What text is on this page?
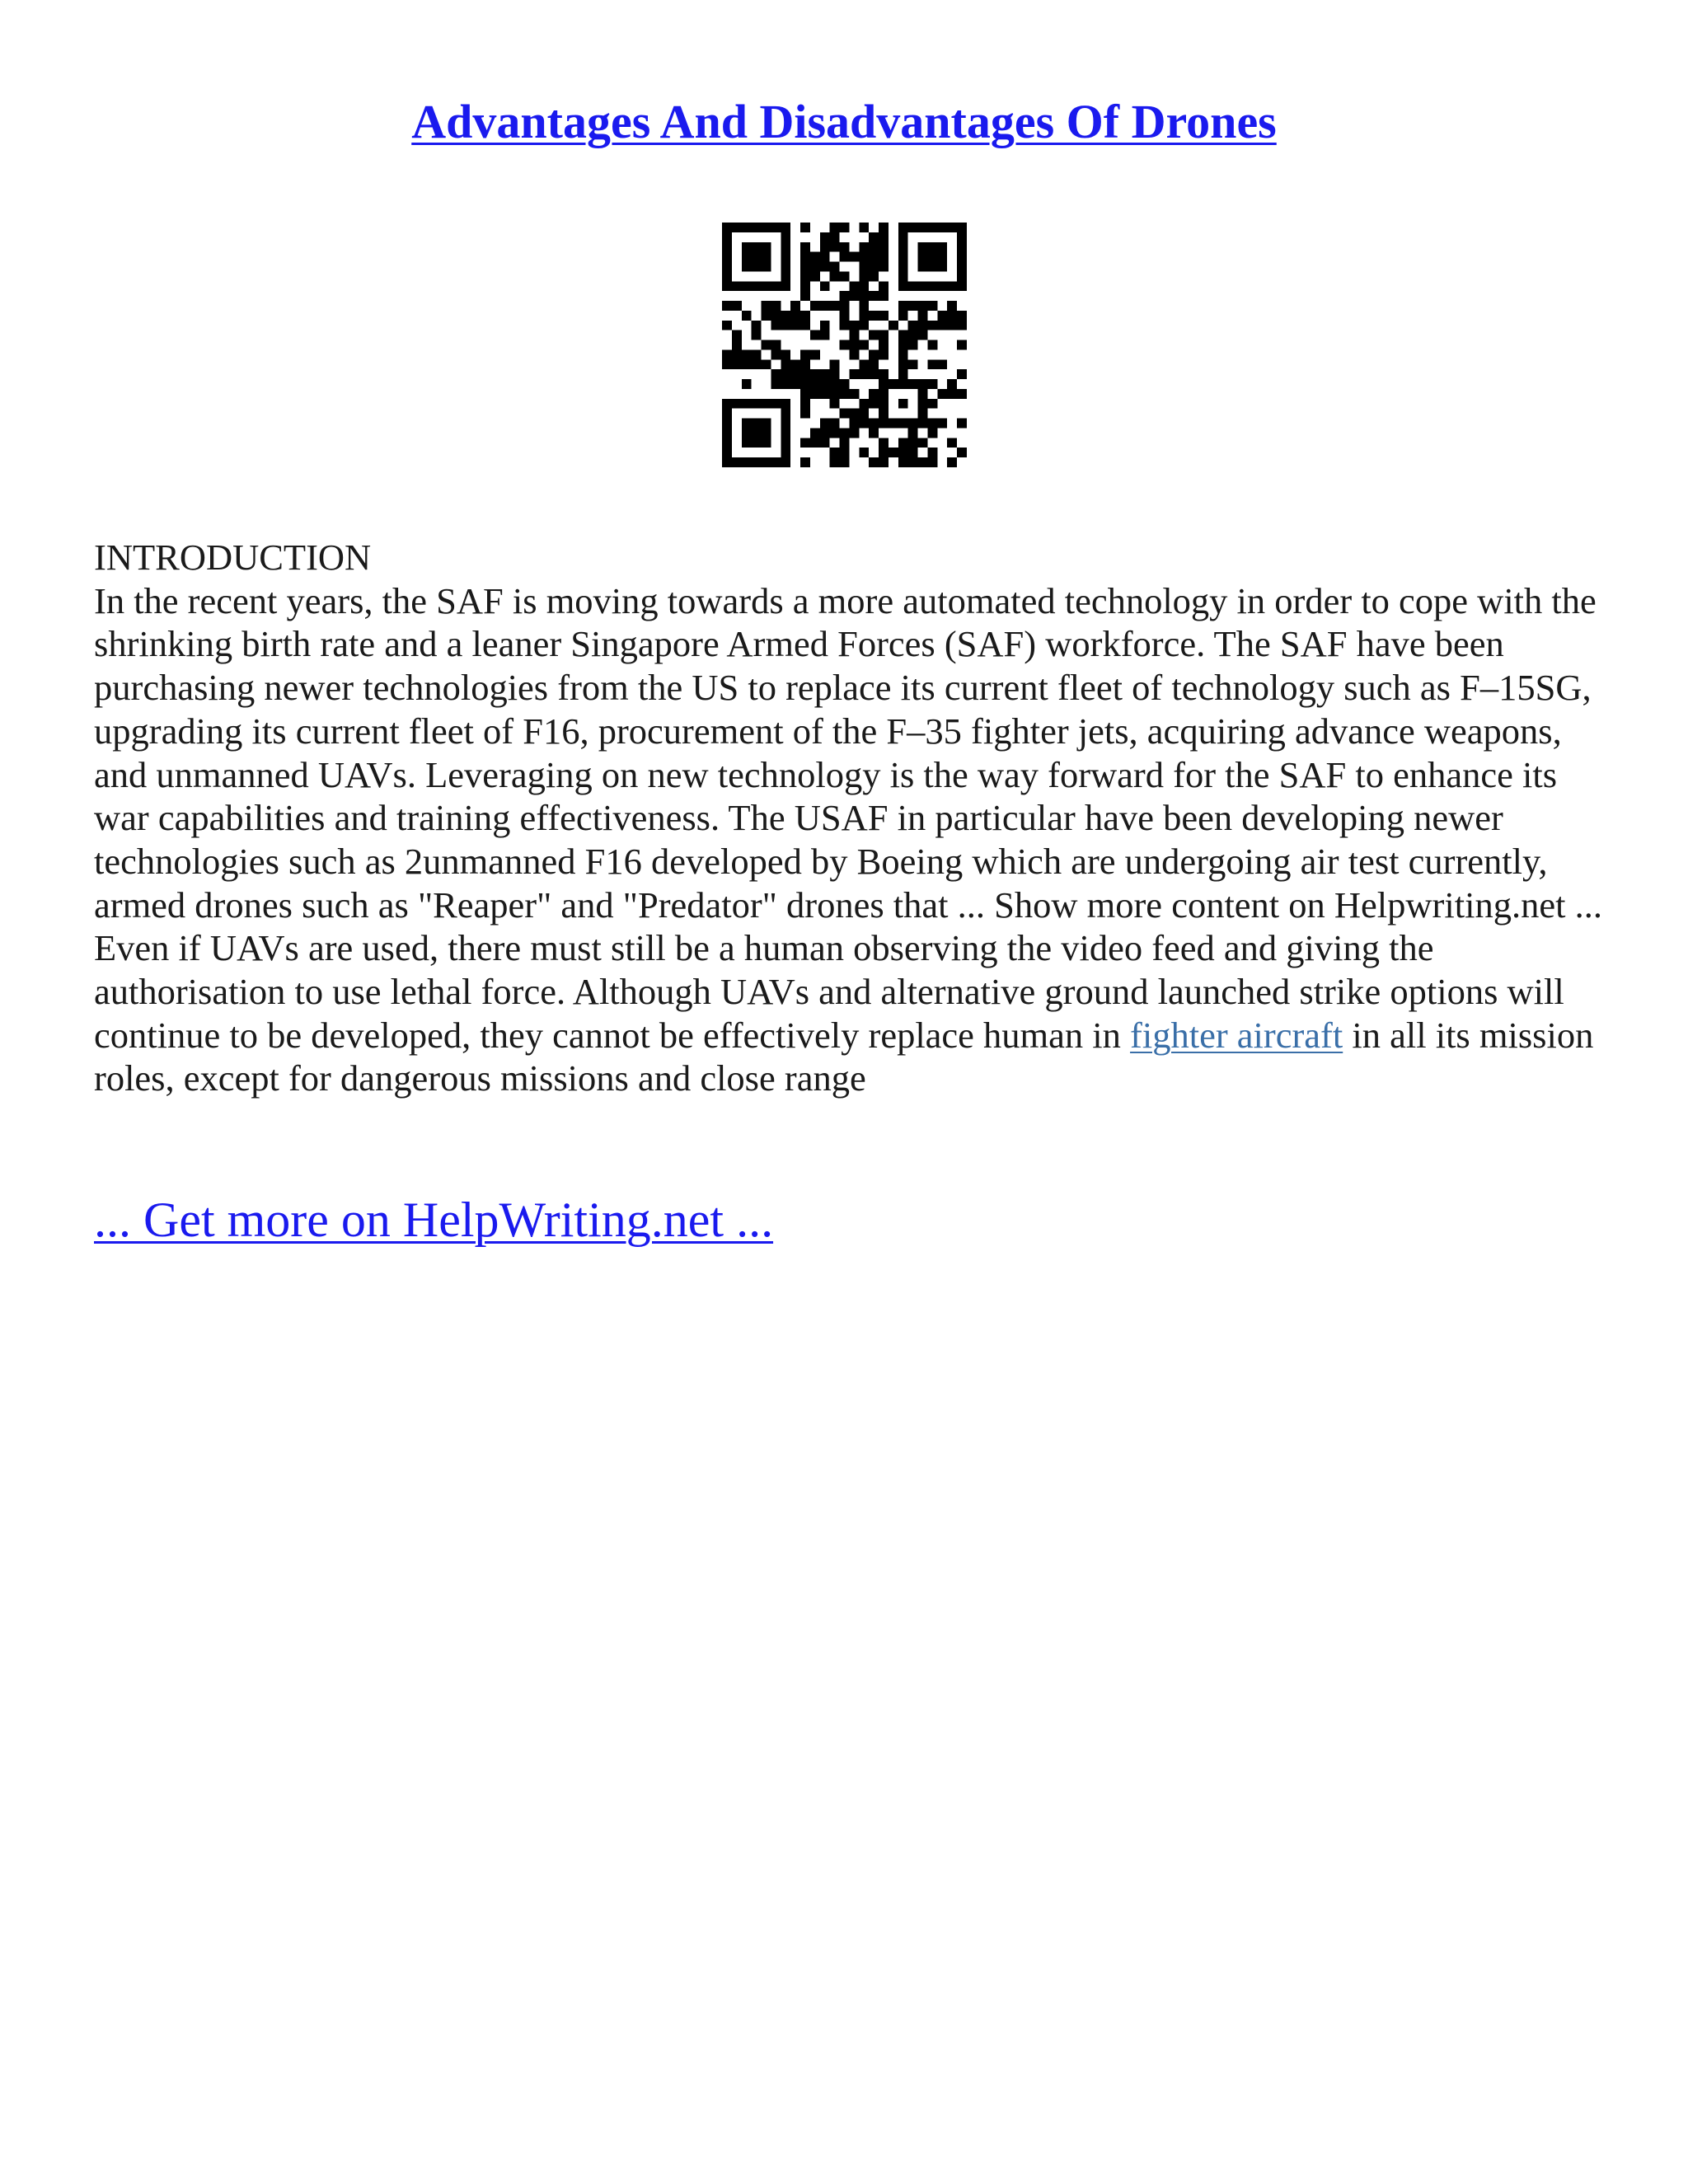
Advantages And Disadvantages Of Drones

INTRODUCTION

In the recent years, the SAF is moving towards a more automated technology in order to cope with the shrinking birth rate and a leaner Singapore Armed Forces (SAF) workforce. The SAF have been purchasing newer technologies from the US to replace its current fleet of technology such as F–15SG, upgrading its current fleet of F16, procurement of the F–35 fighter jets, acquiring advance weapons, and unmanned UAVs. Leveraging on new technology is the way forward for the SAF to enhance its war capabilities and training effectiveness. The USAF in particular have been developing newer technologies such as 2unmanned F16 developed by Boeing which are undergoing air test currently, armed drones such as "Reaper" and "Predator" drones that ... Show more content on Helpwriting.net ...

Even if UAVs are used, there must still be a human observing the video feed and giving the authorisation to use lethal force. Although UAVs and alternative ground launched strike options will continue to be developed, they cannot be effectively replace human in fighter aircraft in all its mission roles, except for dangerous missions and close range

... Get more on HelpWriting.net ...
